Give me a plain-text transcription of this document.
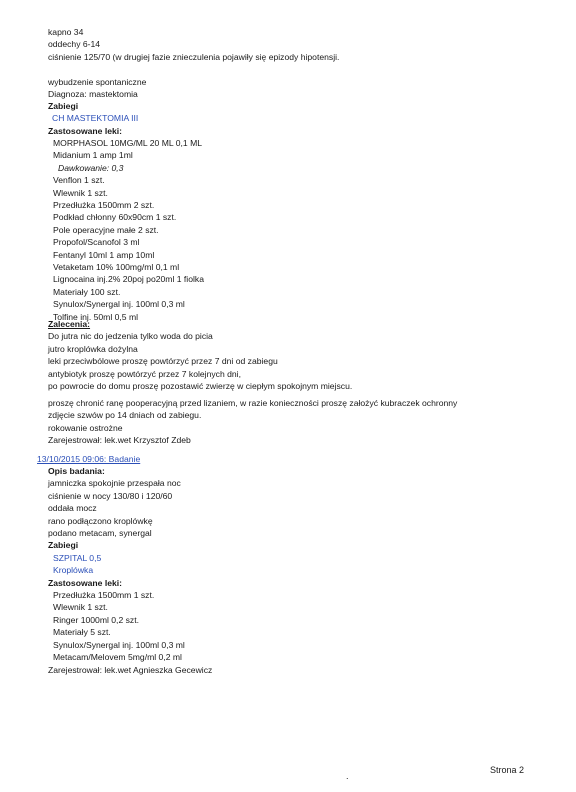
kapno 34
oddechy 6-14
ciśnienie 125/70 (w drugiej fazie znieczulenia pojawiły się epizody hipotensji.
wybudzenie spontaniczne
Diagnoza: mastektomia
Zabiegi
CH MASTEKTOMIA III
Zastosowane leki:
MORPHASOL 10MG/ML 20 ML 0,1 ML
Midanium 1 amp 1ml
Dawkowanie: 0,3
Venflon 1 szt.
Wlewnik 1 szt.
Przedłużka 1500mm 2 szt.
Podkład chłonny 60x90cm 1 szt.
Pole operacyjne małe 2 szt.
Propofol/Scanofol 3 ml
Fentanyl 10ml 1 amp 10ml
Vetaketam 10% 100mg/ml 0,1 ml
Lignocaina inj.2% 20poj po20ml 1 fiolka
Materiały 100 szt.
Synulox/Synergal inj. 100ml 0,3 ml
Tolfine inj. 50ml 0,5 ml
Zalecenia:
Do jutra nic do jedzenia tylko woda do picia
jutro kroplówka dożylna
leki przeciwbólowe proszę powtórzyć przez 7 dni od zabiegu
antybiotyk proszę powtórzyć przez 7 kolejnych dni,
po powrocie do domu proszę pozostawić zwierzę w ciepłym spokojnym miejscu.
proszę chronić ranę pooperacyjną przed lizaniem, w razie konieczności proszę założyć kubraczek ochronny
zdjęcie szwów po 14 dniach od zabiegu.
rokowanie ostrożne
Zarejestrował: lek.wet Krzysztof Zdeb
13/10/2015 09:06: Badanie
Opis badania:
jamniczka spokojnie przespała noc
ciśnienie w nocy 130/80 i 120/60
oddała mocz
rano podłączono kroplówkę
podano metacam, synergal
Zabiegi
SZPITAL 0,5
Kroplówka
Zastosowane leki:
Przedłużka 1500mm 1 szt.
Wlewnik 1 szt.
Ringer 1000ml 0,2 szt.
Materiały 5 szt.
Synulox/Synergal inj. 100ml 0,3 ml
Metacam/Melovem 5mg/ml 0,2 ml
Zarejestrował: lek.wet Agnieszka Gecewicz
.
Strona 2
